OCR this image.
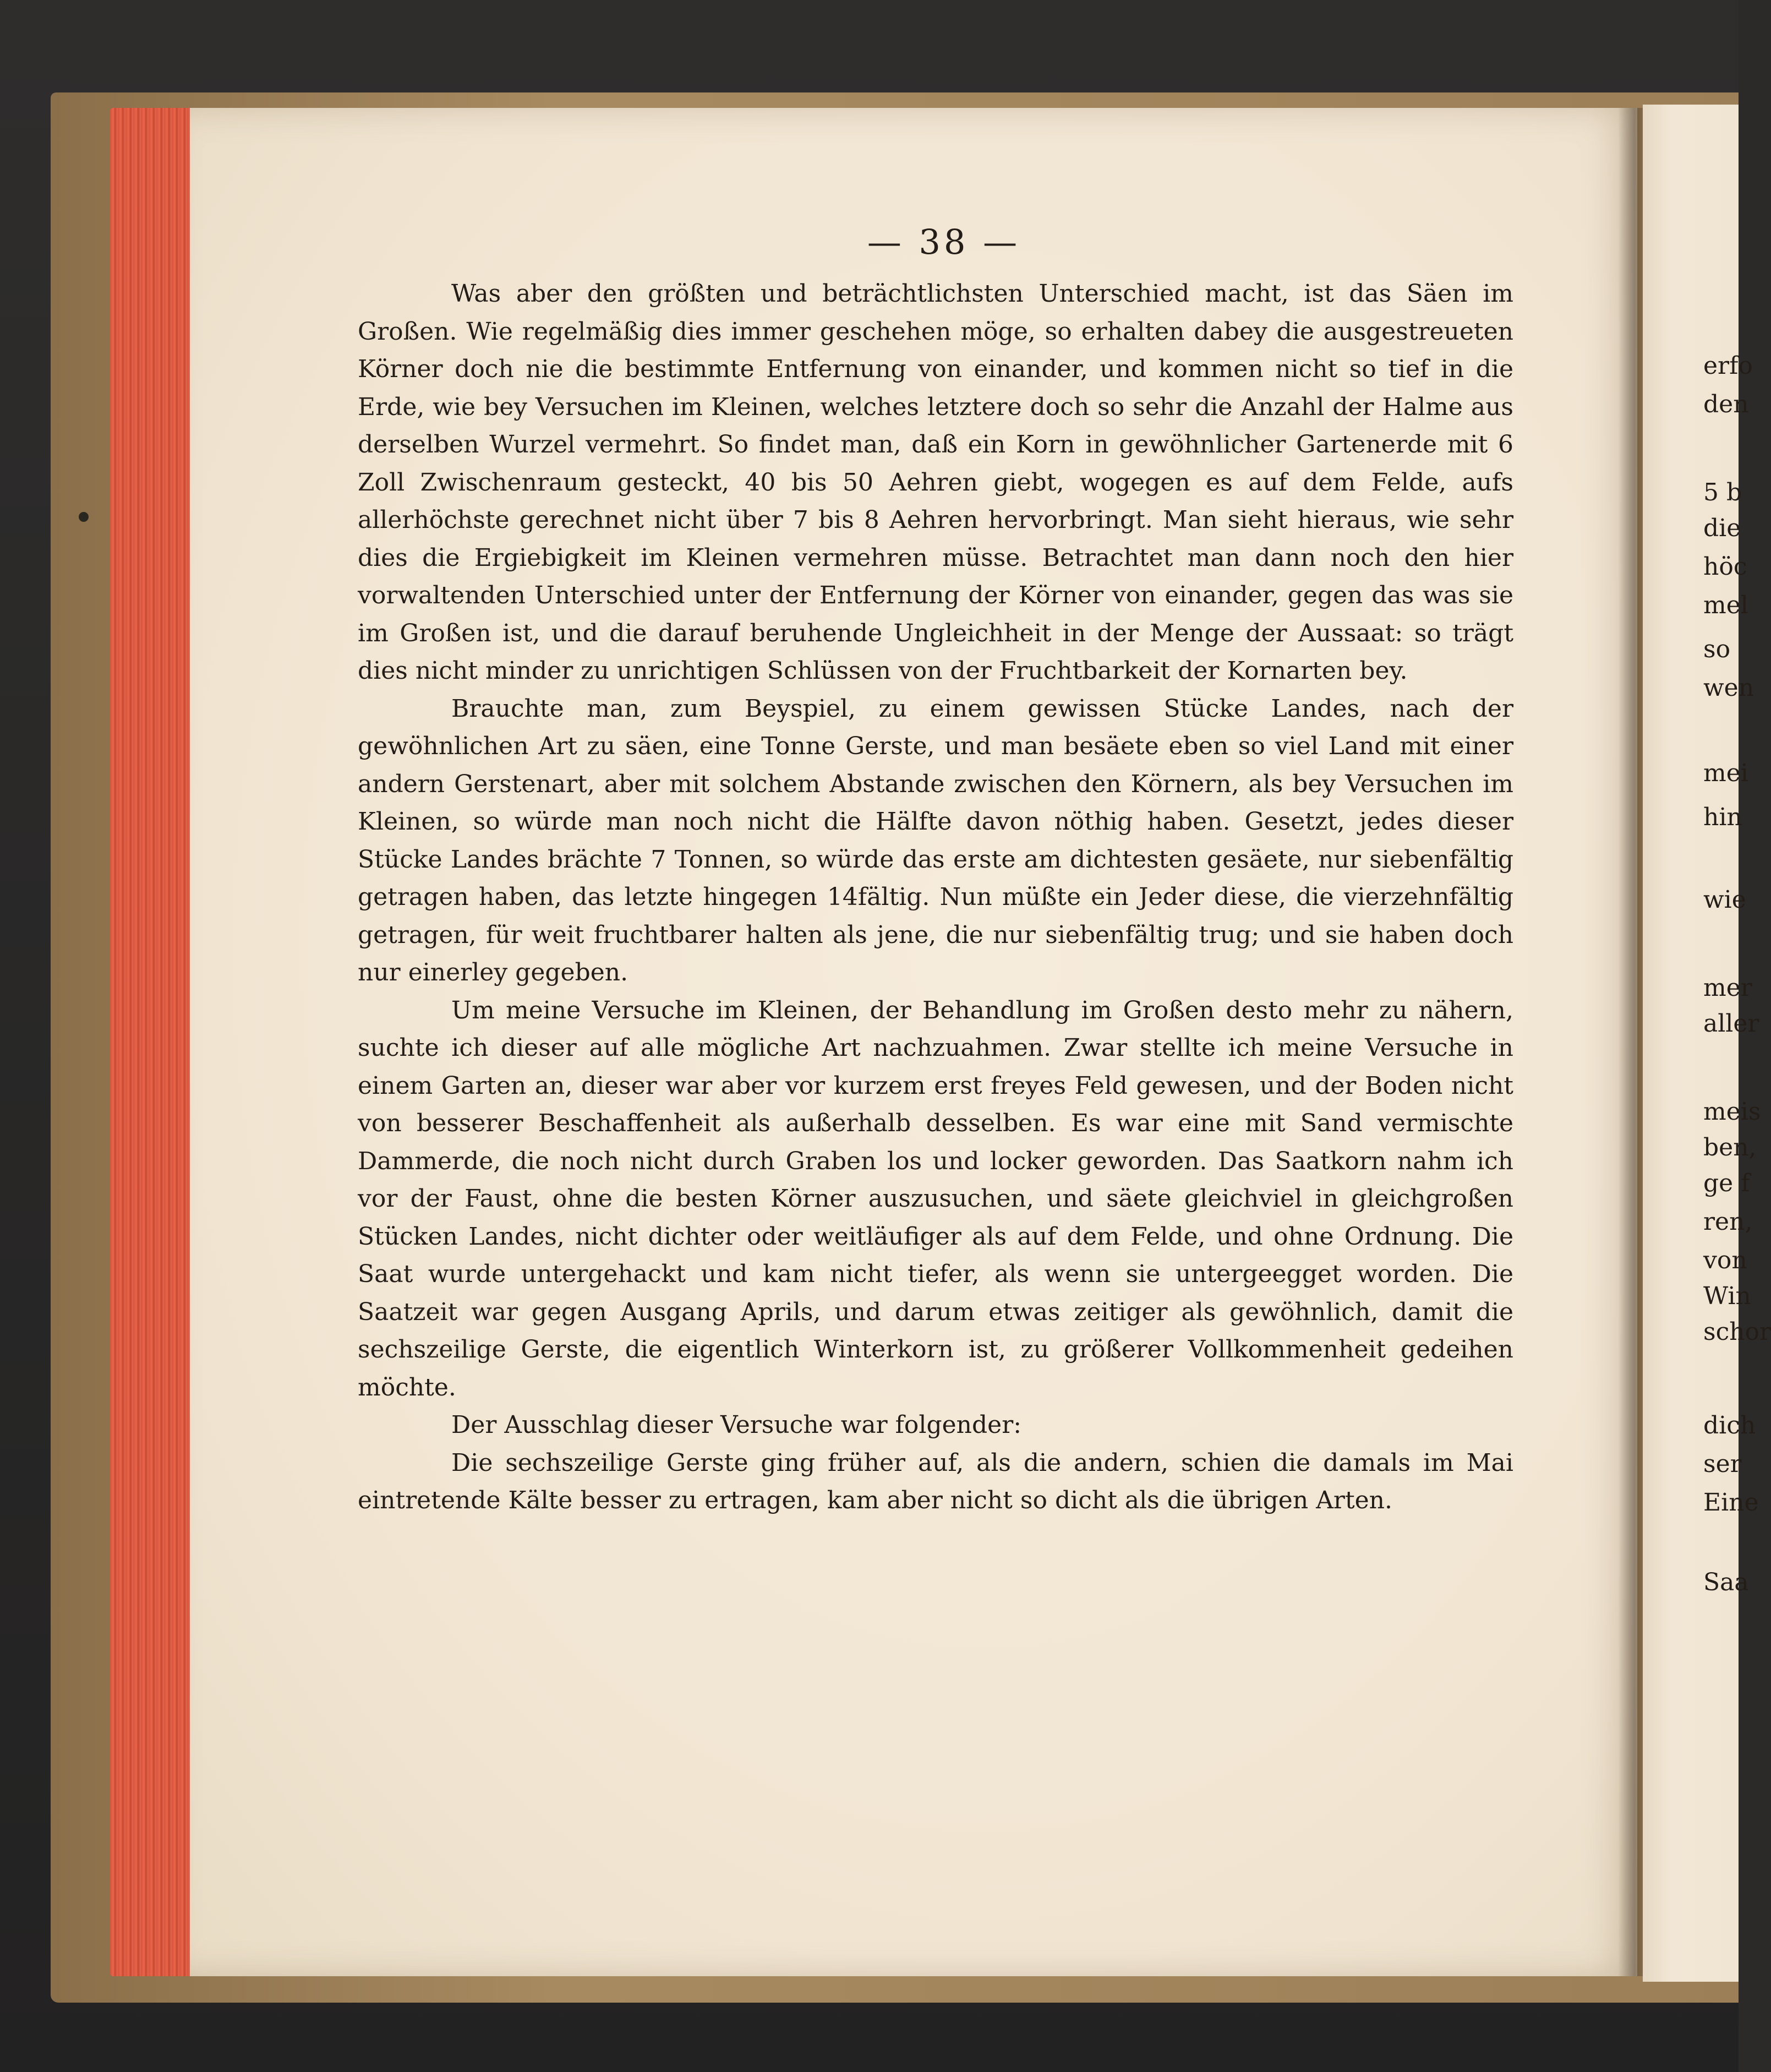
— 38 —

Was aber den größten und beträchtlichsten Unterschied macht, ist das Säen im Großen. Wie regelmäßig dies immer geschehen möge, so erhalten dabey die ausgestreueten Körner doch nie die bestimmte Entfernung von einander, und kommen nicht so tief in die Erde, wie bey Versuchen im Kleinen, welches letztere doch so sehr die Anzahl der Halme aus derselben Wurzel vermehrt. So findet man, daß ein Korn in gewöhnlicher Gartenerde mit 6 Zoll Zwischenraum gesteckt, 40 bis 50 Aehren giebt, wogegen es auf dem Felde, aufs allerhöchste gerechnet nicht über 7 bis 8 Aehren hervorbringt. Man sieht hieraus, wie sehr dies die Ergiebigkeit im Kleinen vermehren müsse. Betrachtet man dann noch den hier vorwaltenden Unterschied unter der Entfernung der Körner von einander, gegen das was sie im Großen ist, und die darauf beruhende Ungleichheit in der Menge der Aussaat: so trägt dies nicht minder zu unrichtigen Schlüssen von der Fruchtbarkeit der Kornarten bey.

Brauchte man, zum Beyspiel, zu einem gewissen Stücke Landes, nach der gewöhnlichen Art zu säen, eine Tonne Gerste, und man besäete eben so viel Land mit einer andern Gerstenart, aber mit solchem Abstande zwischen den Körnern, als bey Versuchen im Kleinen, so würde man noch nicht die Hälfte davon nöthig haben. Gesetzt, jedes dieser Stücke Landes brächte 7 Tonnen, so würde das erste am dichtesten gesäete, nur siebenfältig getragen haben, das letzte hingegen 14fältig. Nun müßte ein Jeder diese, die vierzehnfältig getragen, für weit fruchtbarer halten als jene, die nur siebenfältig trug; und sie haben doch nur einerley gegeben.

Um meine Versuche im Kleinen, der Behandlung im Großen desto mehr zu nähern, suchte ich dieser auf alle mögliche Art nachzuahmen. Zwar stellte ich meine Versuche in einem Garten an, dieser war aber vor kurzem erst freyes Feld gewesen, und der Boden nicht von besserer Beschaffenheit als außerhalb desselben. Es war eine mit Sand vermischte Dammerde, die noch nicht durch Graben los und locker geworden. Das Saatkorn nahm ich vor der Faust, ohne die besten Körner auszusuchen, und säete gleichviel in gleichgroßen Stücken Landes, nicht dichter oder weitläufiger als auf dem Felde, und ohne Ordnung. Die Saat wurde untergehackt und kam nicht tiefer, als wenn sie untergeegget worden. Die Saatzeit war gegen Ausgang Aprils, und darum etwas zeitiger als gewöhnlich, damit die sechszeilige Gerste, die eigentlich Winterkorn ist, zu größerer Vollkommenheit gedeihen möchte.

Der Ausschlag dieser Versuche war folgender:

Die sechszeilige Gerste ging früher auf, als die andern, schien die damals im Mai eintretende Kälte besser zu ertragen, kam aber nicht so dicht als die übrigen Arten.

erfo
den
5 b
die
höc
mel
so
wen
mei
hin
wie
mer
aller
meis
ben,
ge f
ren,
von
Win
schor
dich
ser
Eine
Saa
